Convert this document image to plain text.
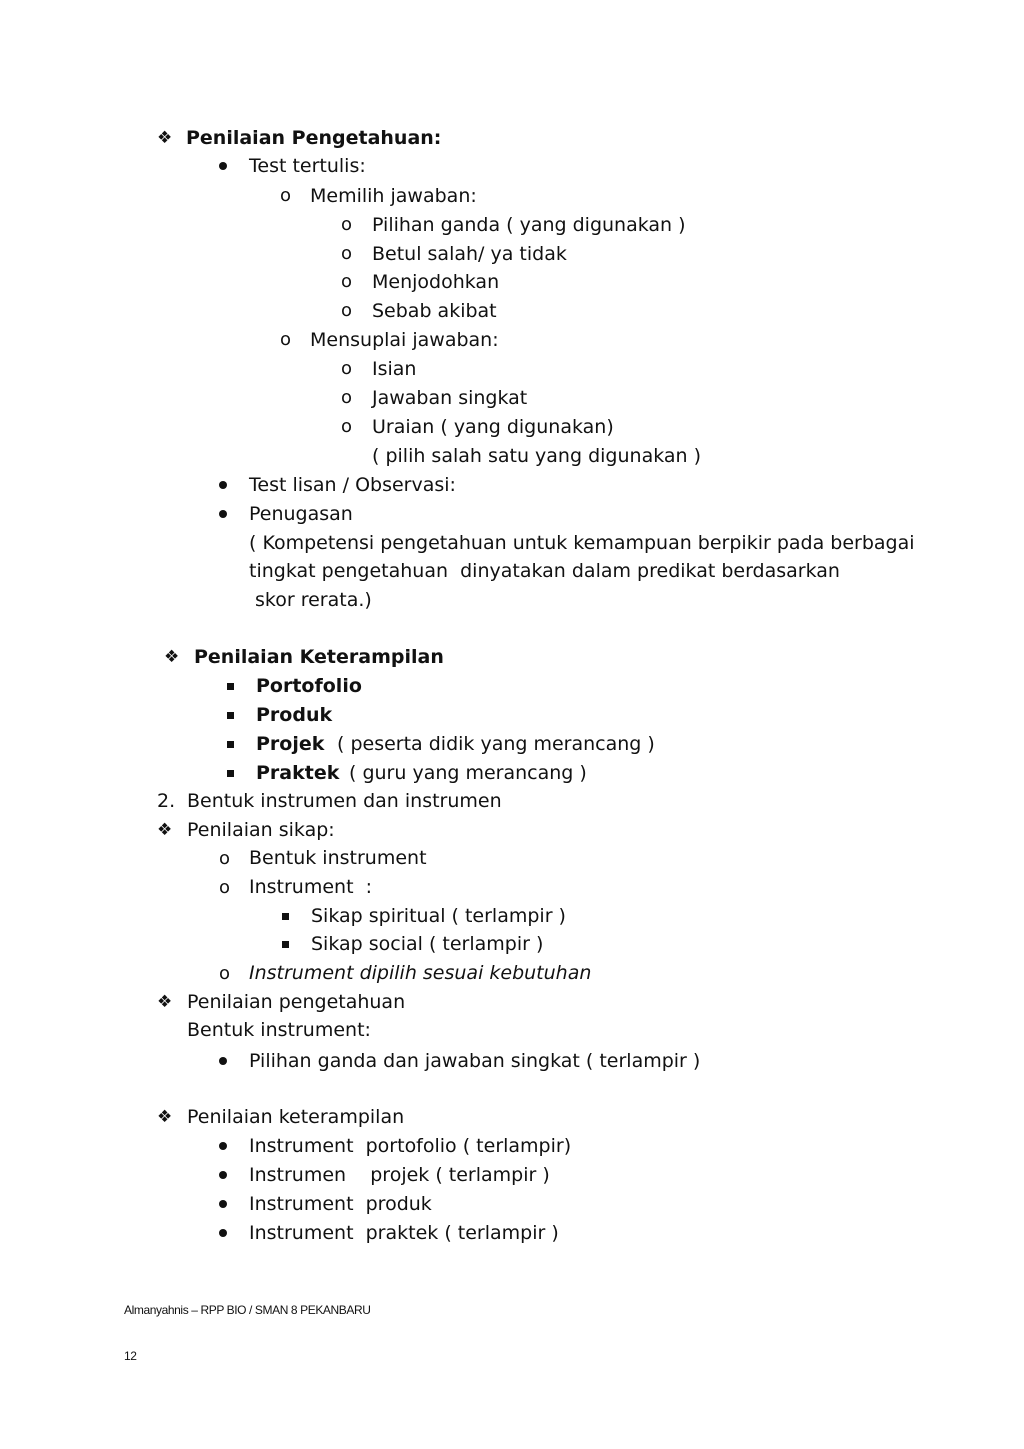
❖ Penilaian Pengetahuan:
Test tertulis:
o Memilih jawaban:
o Pilihan ganda ( yang digunakan )
o Betul salah/ ya tidak
o Menjodohkan
o Sebab akibat
o Mensuplai jawaban:
o Isian
o Jawaban singkat
o Uraian ( yang digunakan)
( pilih salah satu yang digunakan )
Test lisan / Observasi:
Penugasan
( Kompetensi pengetahuan untuk kemampuan berpikir pada berbagai
tingkat pengetahuan  dinyatakan dalam predikat berdasarkan
skor rerata.)
❖ Penilaian Keterampilan
Portofolio
Produk
Projek ( peserta didik yang merancang )
Praktek ( guru yang merancang )
2. Bentuk instrumen dan instrumen
❖ Penilaian sikap:
o Bentuk instrument
o Instrument  :
Sikap spiritual ( terlampir )
Sikap social ( terlampir )
o Instrument dipilih sesuai kebutuhan
❖ Penilaian pengetahuan
Bentuk instrument:
Pilihan ganda dan jawaban singkat ( terlampir )
❖ Penilaian keterampilan
Instrument  portofolio ( terlampir)
Instrumen    projek ( terlampir )
Instrument  produk
Instrument  praktek ( terlampir )
Almanyahnis – RPP BIO / SMAN 8 PEKANBARU
12
